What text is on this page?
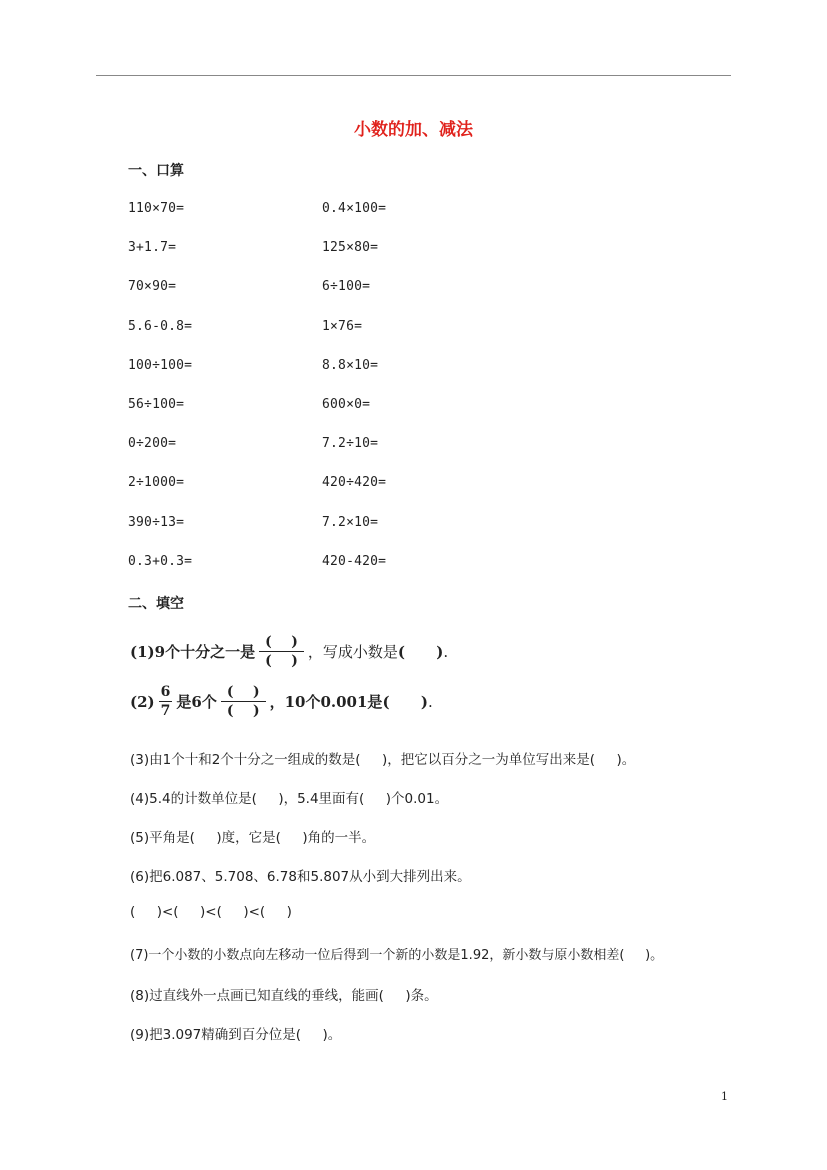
小数的加、减法
一、口算
110×70=	0.4×100=
3+1.7=	125×80=
70×90=	6÷100=
5.6-0.8=	1×76=
100÷100=	8.8×10=
56÷100=	600×0=
0÷200=	7.2÷10=
2÷1000=	420÷420=
390÷13=	7.2×10=
0.3+0.3=	420-420=
二、填空
(1)9个十分之一是 $\frac{( )}{( )}$ ，写成小数是 (      ) .
$(2) \frac{6}{7}$ 是6个 $\frac{( )}{( )}$ ，10个0.001是 (      ) .
(3)由1个十和2个十分之一组成的数是(     )，把它以百分之一为单位写出来是(     )。
(4)5.4的计数单位是(     )，5.4里面有(     )个0.01。
(5)平角是(     )度，它是(     )角的一半。
(6)把6.087、5.708、6.78和5.807从小到大排列出来。
(     )<(     )<(     )<(     )
(7)一个小数的小数点向左移动一位后得到一个新的小数是1.92，新小数与原小数相差(     )。
(8)过直线外一点画已知直线的垂线，能画(     )条。
(9)把3.097精确到百分位是(     )。
1
